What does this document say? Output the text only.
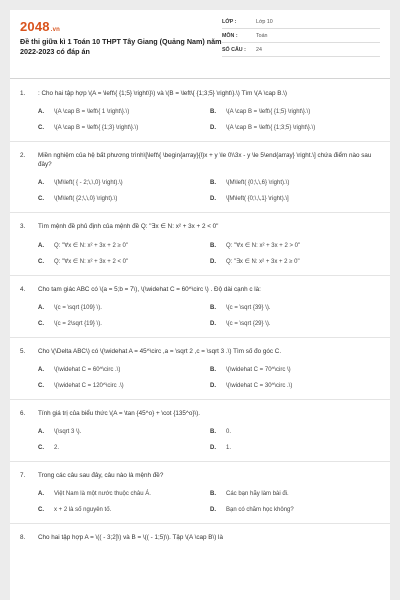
2048.vn
Đề thi giữa kì 1 Toán 10 THPT Tây Giang (Quảng Nam) năm 2022-2023 có đáp án
LỚP :	Lớp 10
MÔN :	Toán
SỐ CÂU :	24
1.	: Cho hai tập hợp \(A = \left\{ {1;5} \right\}\) và \(B = \left\{ {1;3;5} \right\}.\) Tìm \(A \cap B.\)
A.	\(A \cap B = \left\{ 1 \right\}.\)	B.	\(A \cap B = \left\{ {1;5} \right\}.\)
C.	\(A \cap B = \left\{ {1;3} \right\}.\)	D.	\(A \cap B = \left\{ {1;3;5} \right\}.\)
2.	Miền nghiệm của hệ bất phương trình\[\left\{ \begin{array}{l}x + y \le 0\\3x - y \le 5\end{array} \right.\] chứa điểm nào sau đây?
A.	\(M\left( { - 2;\,\,0} \right).\)	B.	\(M\left( {0;\,\,6} \right).\)
C.	\(M\left( {2;\,\,0} \right).\)	D.	\[M\left( {0;\,\,1} \right).\]
3.	Tìm mệnh đề phủ định của mệnh đề Q: "∃x ∈ N: x² + 3x + 2 < 0"
A.	Q: "∀x ∈ N: x² + 3x + 2 ≥ 0"	B.	Q: "∀x ∈ N: x² + 3x + 2 > 0"
C.	Q: "∀x ∈ N: x² + 3x + 2 < 0"	D.	Q: "∃x ∈ N: x² + 3x + 2 ≥ 0"
4.	Cho tam giác ABC có \(a = 5;b = 7\), \(\widehat C = 60^\circ \) . Độ dài cạnh c là:
A.	\(c = \sqrt {109} \).	B.	\(c = \sqrt {39} \).
C.	\(c = 2\sqrt {19} \).	D.	\(c = \sqrt {29} \).
5.	Cho \(\Delta ABC\) có \(\widehat A = 45^\circ ,a = \sqrt 2 ,c = \sqrt 3 .\) Tìm số đo góc C.
A.	\(\widehat C = 60^\circ .\)	B.	\(\widehat C = 70^\circ \)
C.	\(\widehat C = 120^\circ .\)	D.	\(\widehat C = 30^\circ .\)
6.	Tính giá trị của biểu thức \(A = \tan {45^o} + \cot {135^o}\).
A.	\(\sqrt 3 \).	B.	0.
C.	2.	D.	1.
7.	Trong các câu sau đây, câu nào là mệnh đề?
A.	Việt Nam là một nước thuộc châu Á.	B.	Các bạn hãy làm bài đi.
C.	x + 2 là số nguyên tố.	D.	Bạn có chăm học không?
8.	Cho hai tập hợp A = \(( - 3;2]\) và B = \(( - 1;5)\). Tập \(A \cap B\) là
